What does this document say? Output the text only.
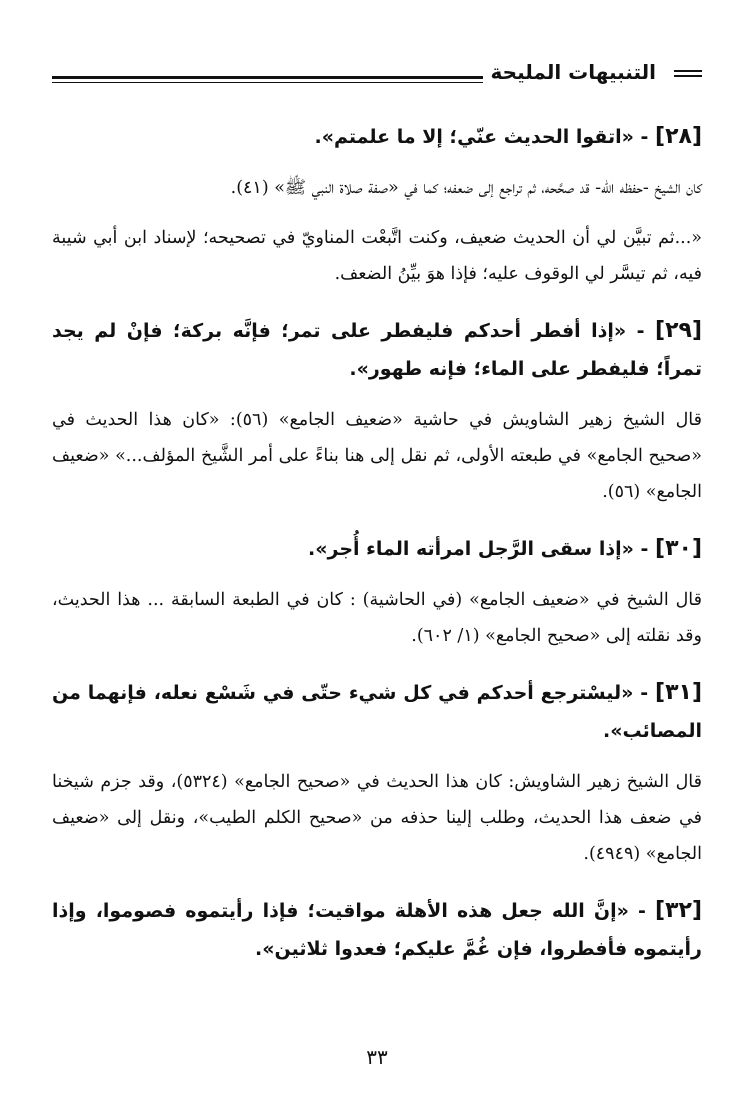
التنبيهات المليحة

[٢٨] - «اتقوا الحديث عنّي؛ إلا ما علمتم».

كان الشيخ -حفظه الله- قد صحَّحه، ثم تراجع إلى ضعفه؛ كما في «صفة صلاة النبي ﷺ» (٤١).

«...ثم تبيَّن لي أن الحديث ضعيف، وكنت اتَّبعْت المناويّ في تصحيحه؛ لإسناد ابن أبي شيبة فيه، ثم تيسَّر لي الوقوف عليه؛ فإذا هوَ بيِّنُ الضعف.

[٢٩] - «إذا أفطر أحدكم فليفطر على تمر؛ فإنَّه بركة؛ فإنْ لم يجد تمراً؛ فليفطر على الماء؛ فإنه طهور».

قال الشيخ زهير الشاويش في حاشية «ضعيف الجامع» (٥٦): «كان هذا الحديث في «صحيح الجامع» في طبعته الأولى، ثم نقل إلى هنا بناءً على أمر الشَّيخ المؤلف...» «ضعيف الجامع» (٥٦).

[٣٠] - «إذا سقى الرَّجل امرأته الماء أُجر».

قال الشيخ في «ضعيف الجامع» (في الحاشية) : كان في الطبعة السابقة ... هذا الحديث، وقد نقلته إلى «صحيح الجامع» (١/ ٦٠٢).

[٣١] - «ليسْترجع أحدكم في كل شيء حتّى في شَسْع نعله، فإنهما من المصائب».

قال الشيخ زهير الشاويش: كان هذا الحديث في «صحيح الجامع» (٥٣٢٤)، وقد جزم شيخنا في ضعف هذا الحديث، وطلب إلينا حذفه من «صحيح الكلم الطيب»، ونقل إلى «ضعيف الجامع» (٤٩٤٩).

[٣٢] - «إنَّ الله جعل هذه الأهلة مواقيت؛ فإذا رأيتموه فصوموا، وإذا رأيتموه فأفطروا، فإن غُمَّ عليكم؛ فعدوا ثلاثين».

٣٣
